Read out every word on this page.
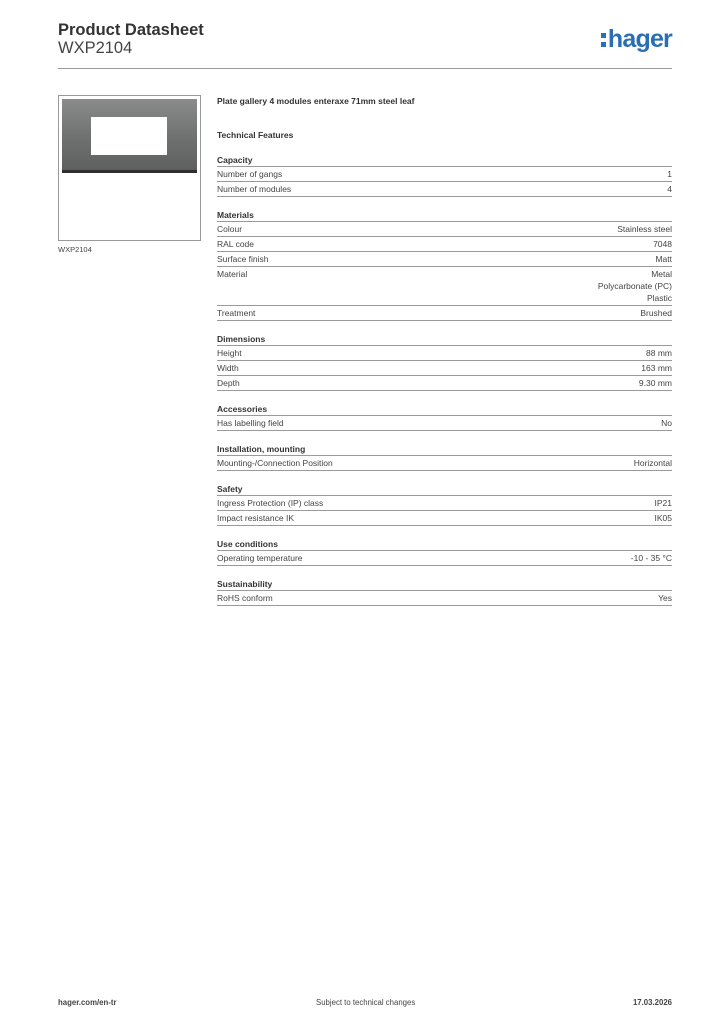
Product Datasheet
WXP2104	hager
WXP2104
Plate gallery 4 modules enteraxe 71mm steel leaf
Technical Features
Capacity
Number of gangs	1
Number of modules	4
Materials
Colour	Stainless steel
RAL code	7048
Surface finish	Matt
Material	Metal
Polycarbonate (PC)
Plastic
Treatment	Brushed
Dimensions
Height	88 mm
Width	163 mm
Depth	9.30 mm
Accessories
Has labelling field	No
Installation, mounting
Mounting-/Connection Position	Horizontal
Safety
Ingress Protection (IP) class	IP21
Impact resistance IK	IK05
Use conditions
Operating temperature	-10 - 35 °C
Sustainability
RoHS conform	Yes
hager.com/en-tr	Subject to technical changes	17.03.2026
